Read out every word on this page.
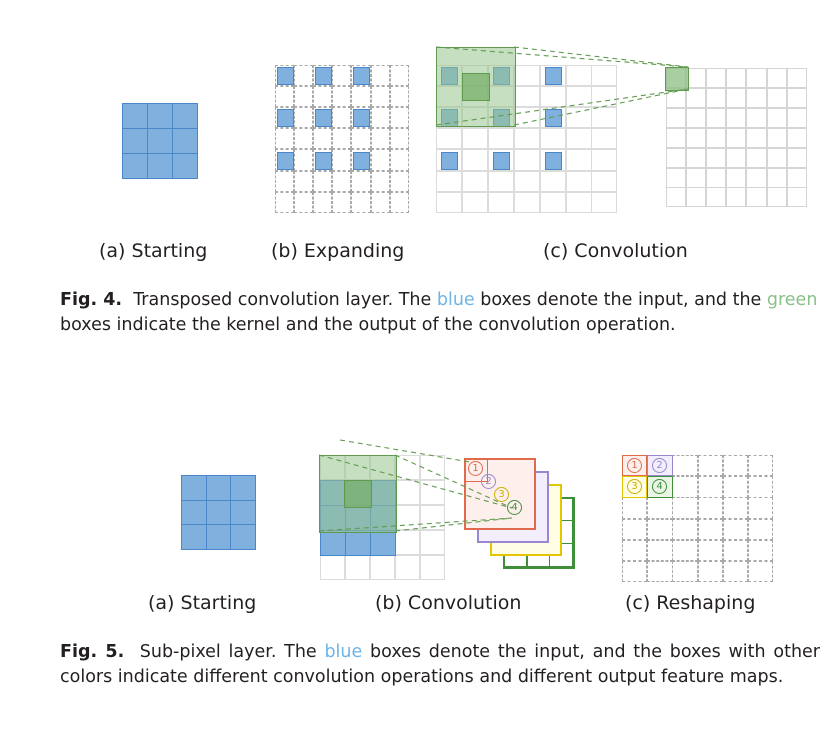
(a) Starting	(b) Expanding	(c) Convolution
Fig. 4. Transposed convolution layer. The blue boxes denote the input, and the green boxes indicate the kernel and the output of the convolution operation.
1
2
3
4
1	2
3	4
(a) Starting	(b) Convolution	(c) Reshaping
Fig. 5. Sub-pixel layer. The blue boxes denote the input, and the boxes with other colors indicate different convolution operations and different output feature maps.
